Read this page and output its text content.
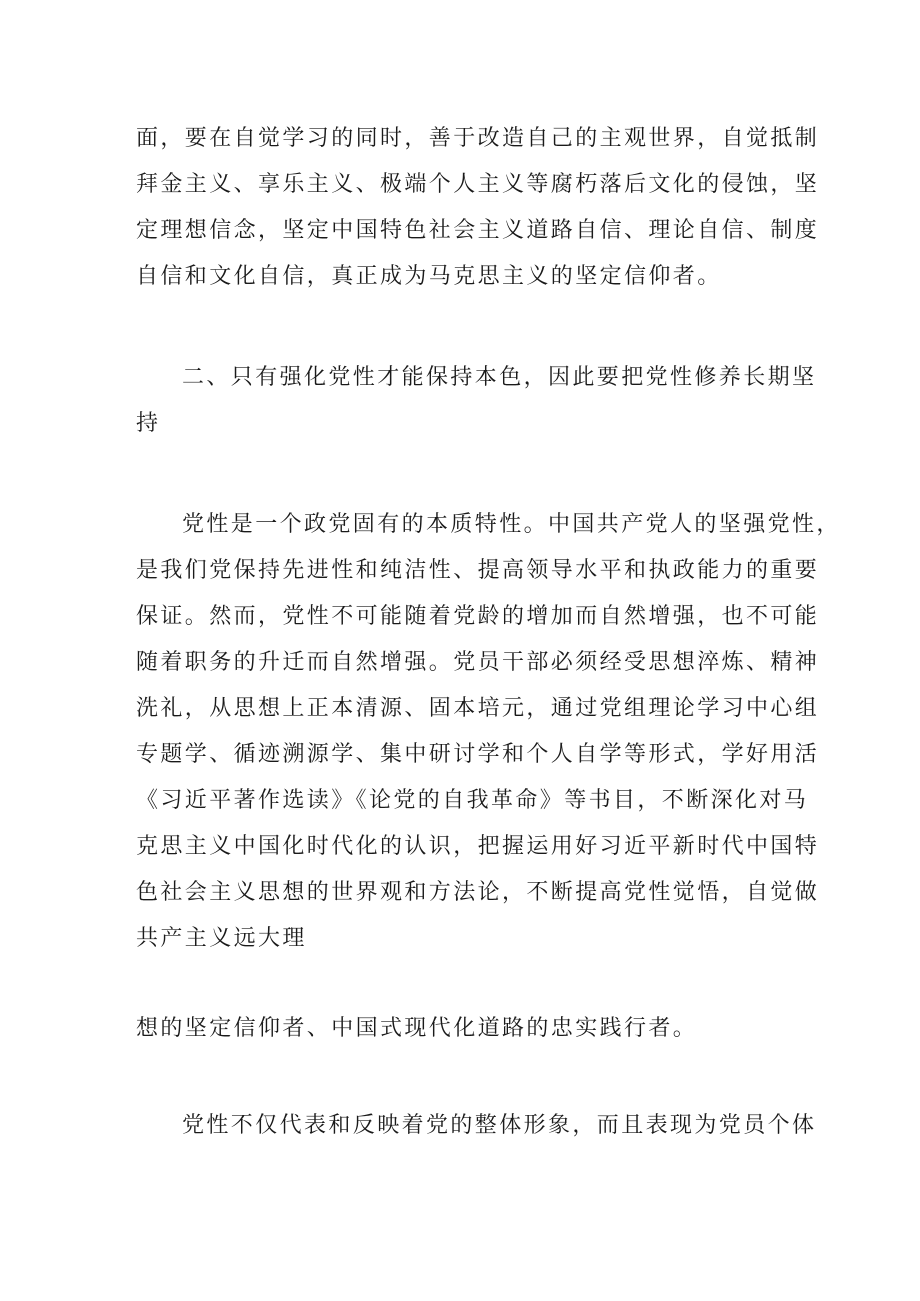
面，要在自觉学习的同时，善于改造自己的主观世界，自觉抵制
拜金主义、享乐主义、极端个人主义等腐朽落后文化的侵蚀，坚
定理想信念，坚定中国特色社会主义道路自信、理论自信、制度
自信和文化自信，真正成为马克思主义的坚定信仰者。
二、只有强化党性才能保持本色，因此要把党性修养长期坚
持
党性是一个政党固有的本质特性。中国共产党人的坚强党性，
是我们党保持先进性和纯洁性、提高领导水平和执政能力的重要
保证。然而，党性不可能随着党龄的增加而自然增强，也不可能
随着职务的升迁而自然增强。党员干部必须经受思想淬炼、精神
洗礼，从思想上正本清源、固本培元，通过党组理论学习中心组
专题学、循迹溯源学、集中研讨学和个人自学等形式，学好用活
《习近平著作选读》《论党的自我革命》等书目，不断深化对马
克思主义中国化时代化的认识，把握运用好习近平新时代中国特
色社会主义思想的世界观和方法论，不断提高党性觉悟，自觉做
共产主义远大理
想的坚定信仰者、中国式现代化道路的忠实践行者。
党性不仅代表和反映着党的整体形象，而且表现为党员个体
